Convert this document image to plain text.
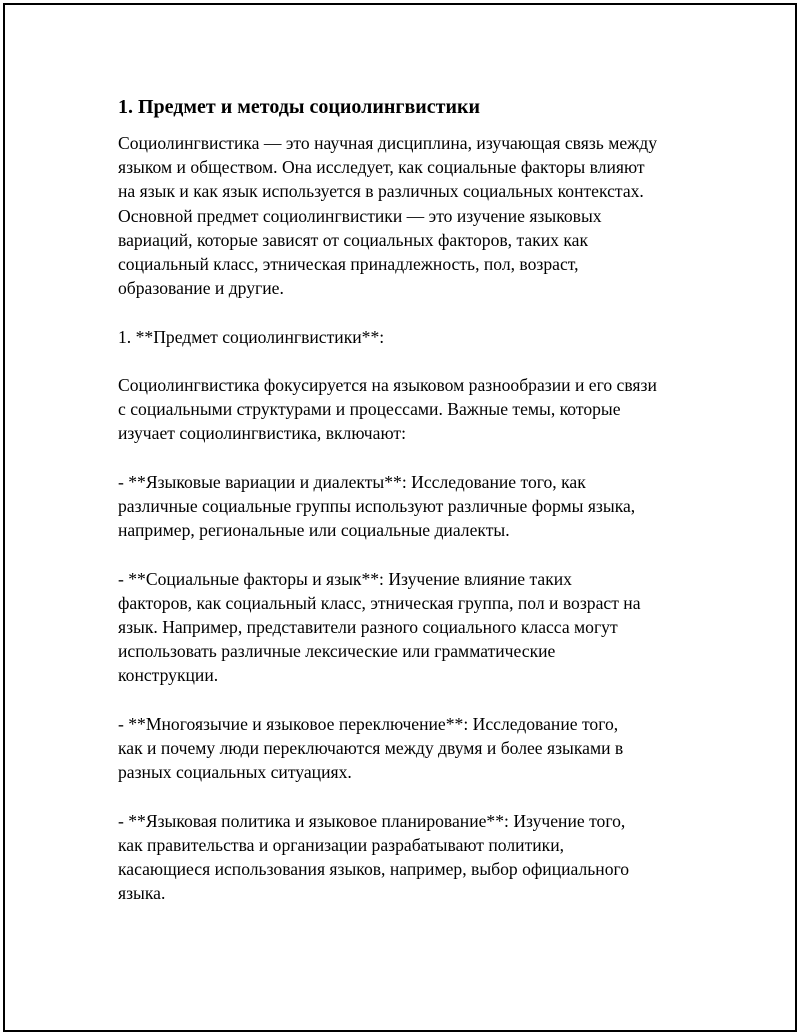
1. Предмет и методы социолингвистики
Социолингвистика — это научная дисциплина, изучающая связь между
языком и обществом. Она исследует, как социальные факторы влияют
на язык и как язык используется в различных социальных контекстах.
Основной предмет социолингвистики — это изучение языковых
вариаций, которые зависят от социальных факторов, таких как
социальный класс, этническая принадлежность, пол, возраст,
образование и другие.
1. **Предмет социолингвистики**:
Социолингвистика фокусируется на языковом разнообразии и его связи
с социальными структурами и процессами. Важные темы, которые
изучает социолингвистика, включают:
- **Языковые вариации и диалекты**: Исследование того, как
различные социальные группы используют различные формы языка,
например, региональные или социальные диалекты.
- **Социальные факторы и язык**: Изучение влияние таких
факторов, как социальный класс, этническая группа, пол и возраст на
язык. Например, представители разного социального класса могут
использовать различные лексические или грамматические
конструкции.
- **Многоязычие и языковое переключение**: Исследование того,
как и почему люди переключаются между двумя и более языками в
разных социальных ситуациях.
- **Языковая политика и языковое планирование**: Изучение того,
как правительства и организации разрабатывают политики,
касающиеся использования языков, например, выбор официального
языка.
